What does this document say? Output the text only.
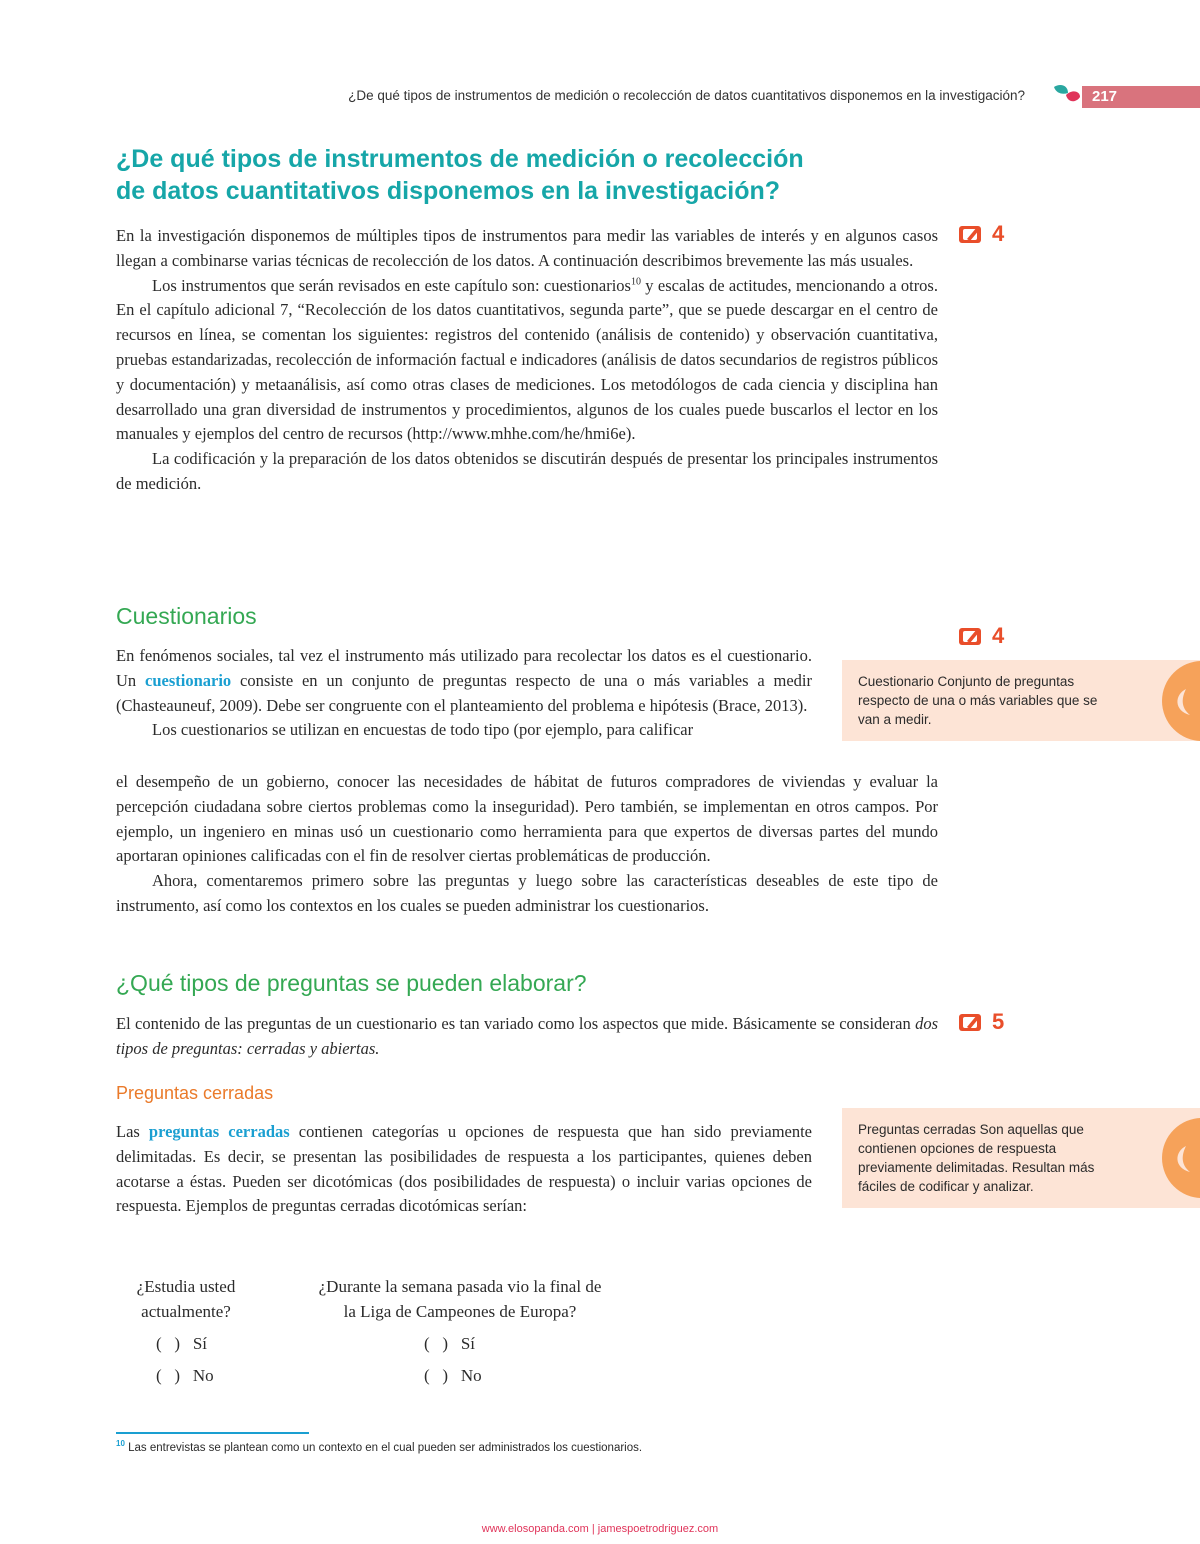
¿De qué tipos de instrumentos de medición o recolección de datos cuantitativos disponemos en la investigación?	217
¿De qué tipos de instrumentos de medición o recolección
de datos cuantitativos disponemos en la investigación?

En la investigación disponemos de múltiples tipos de instrumentos para medir las variables de interés y en algunos casos llegan a combinarse varias técnicas de recolección de los datos. A continuación describimos brevemente las más usuales.

Los instrumentos que serán revisados en este capítulo son: cuestionarios$^{10}$ y escalas de actitudes, mencionando a otros. En el capítulo adicional 7, “Recolección de los datos cuantitativos, segunda parte”, que se puede descargar en el centro de recursos en línea, se comentan los siguientes: registros del contenido (análisis de contenido) y observación cuantitativa, pruebas estandarizadas, recolección de información factual e indicadores (análisis de datos secundarios de registros públicos y documentación) y metaanálisis, así como otras clases de mediciones. Los metodólogos de cada ciencia y disciplina han desarrollado una gran diversidad de instrumentos y procedimientos, algunos de los cuales puede buscarlos el lector en los manuales y ejemplos del centro de recursos (http://www.mhhe.com/he/hmi6e).

La codificación y la preparación de los datos obtenidos se discutirán después de presentar los principales instrumentos de medición.

4
4
5
Cuestionarios

En fenómenos sociales, tal vez el instrumento más utilizado para recolectar los datos es el cuestionario. Un cuestionario consiste en un conjunto de preguntas respecto de una o más variables a medir (Chasteauneuf, 2009). Debe ser congruente con el planteamiento del problema e hipótesis (Brace, 2013).

Los cuestionarios se utilizan en encuestas de todo tipo (por ejemplo, para calificar

el desempeño de un gobierno, conocer las necesidades de hábitat de futuros compradores de viviendas y evaluar la percepción ciudadana sobre ciertos problemas como la inseguridad). Pero también, se implementan en otros campos. Por ejemplo, un ingeniero en minas usó un cuestionario como herramienta para que expertos de diversas partes del mundo aportaran opiniones calificadas con el fin de resolver ciertas problemáticas de producción.

Ahora, comentaremos primero sobre las preguntas y luego sobre las características deseables de este tipo de instrumento, así como los contextos en los cuales se pueden administrar los cuestionarios.

Cuestionario Conjunto de preguntas respecto de una o más variables que se van a medir.
Preguntas cerradas Son aquellas que contienen opciones de respuesta previamente delimitadas. Resultan más fáciles de codificar y analizar.
¿Qué tipos de preguntas se pueden elaborar?

El contenido de las preguntas de un cuestionario es tan variado como los aspectos que mide. Básicamente se consideran dos tipos de preguntas: cerradas y abiertas.

Preguntas cerradas

Las preguntas cerradas contienen categorías u opciones de respuesta que han sido previamente delimitadas. Es decir, se presentan las posibilidades de respuesta a los participantes, quienes deben acotarse a éstas. Pueden ser dicotómicas (dos posibilidades de respuesta) o incluir varias opciones de respuesta. Ejemplos de preguntas cerradas dicotómicas serían:

¿Estudia usted
actualmente?
¿Durante la semana pasada vio la final de
la Liga de Campeones de Europa?
(   )   Sí
(   )   No
(   )   Sí
(   )   No
$^{10}$ Las entrevistas se plantean como un contexto en el cual pueden ser administrados los cuestionarios.
www.elosopanda.com | jamespoetrodriguez.com
